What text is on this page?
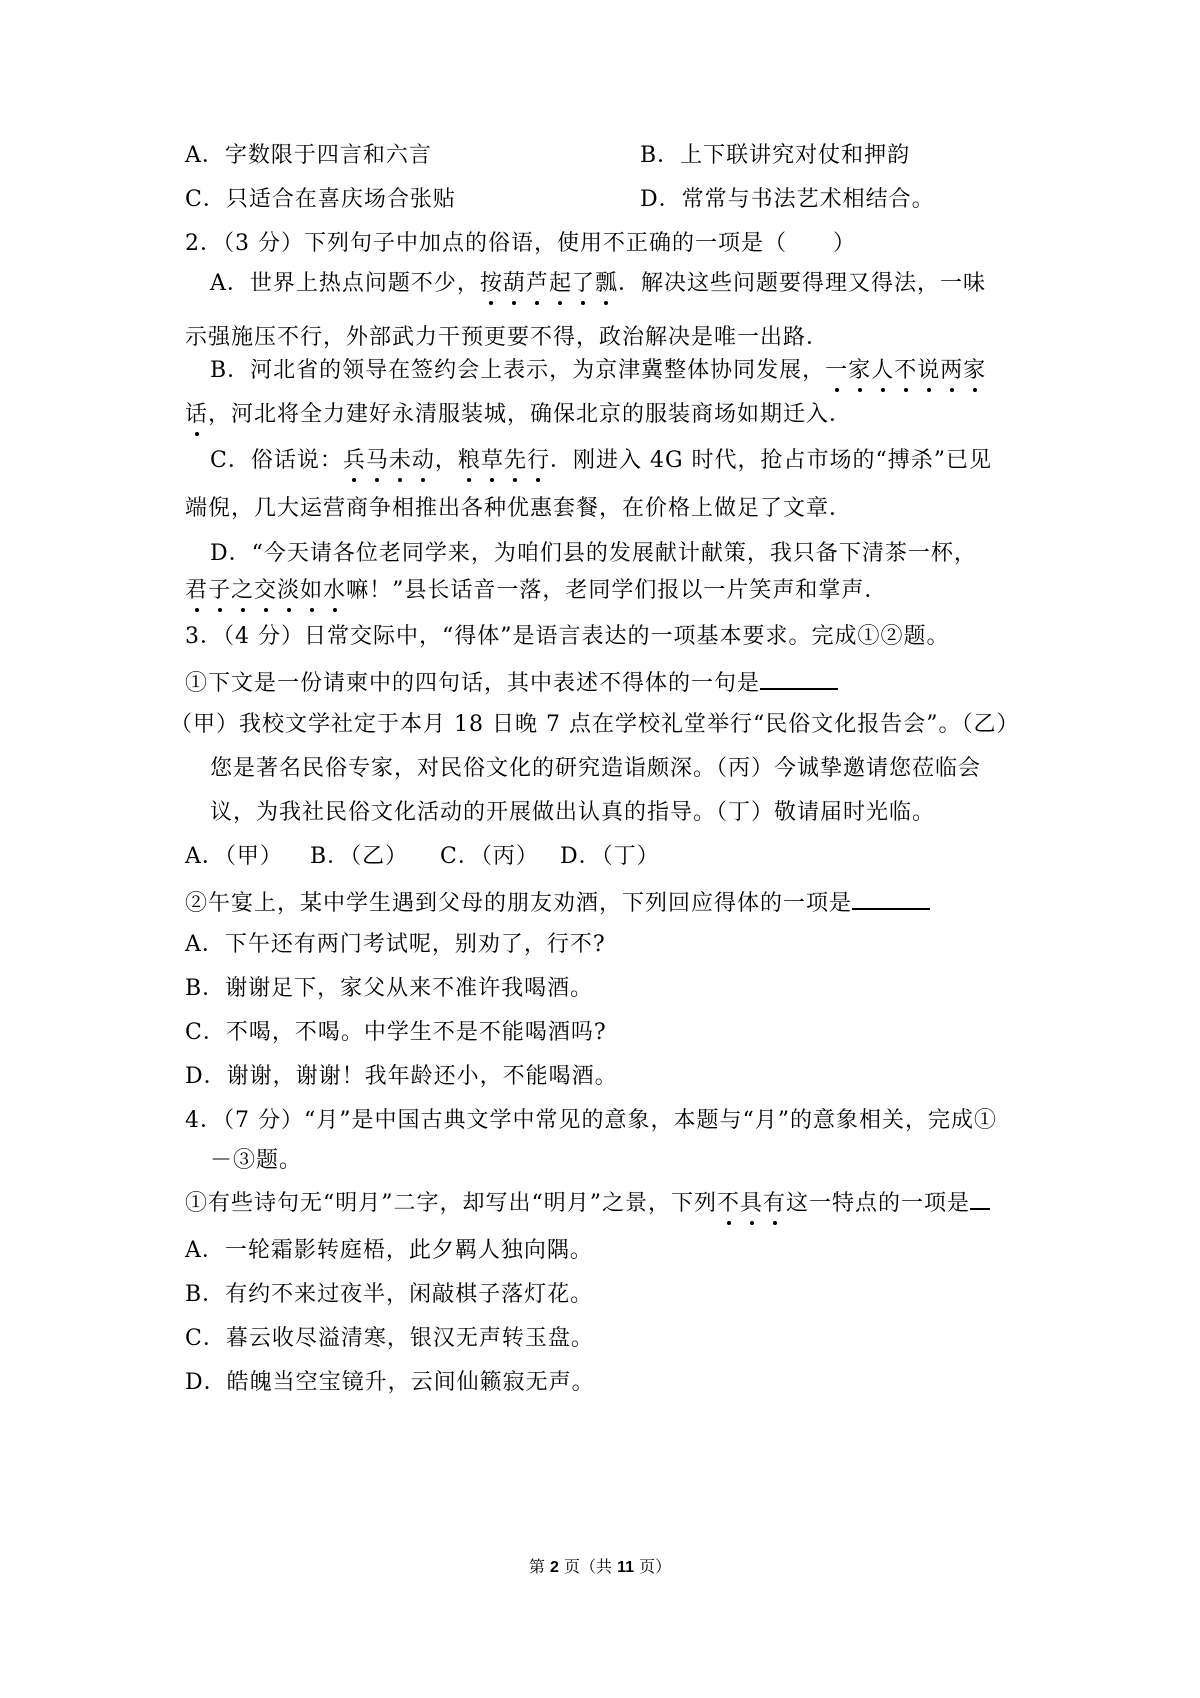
A．字数限于四言和六言	B．上下联讲究对仗和押韵
C．只适合在喜庆场合张贴	D．常常与书法艺术相结合。
2．（3 分）下列句子中加点的俗语，使用不正确的一项是（　　）
A．世界上热点问题不少，按葫芦起了瓢．解决这些问题要得理又得法，一味
示强施压不行，外部武力干预更要不得，政治解决是唯一出路．
B．河北省的领导在签约会上表示，为京津冀整体协同发展，一家人不说两家
话，河北将全力建好永清服装城，确保北京的服装商场如期迁入．
C．俗话说：兵马未动，粮草先行．刚进入 4G 时代，抢占市场的“搏杀”已见
端倪，几大运营商争相推出各种优惠套餐，在价格上做足了文章．
D．“今天请各位老同学来，为咱们县的发展献计献策，我只备下清茶一杯，
君子之交淡如水嘛！”县长话音一落，老同学们报以一片笑声和掌声．
3．（4 分）日常交际中，“得体”是语言表达的一项基本要求。完成①②题。
①下文是一份请柬中的四句话，其中表述不得体的一句是
（甲）我校文学社定于本月 18 日晚 7 点在学校礼堂举行“民俗文化报告会”。（乙）
您是著名民俗专家，对民俗文化的研究造诣颇深。（丙）今诚挚邀请您莅临会
议，为我社民俗文化活动的开展做出认真的指导。（丁）敬请届时光临。
A．（甲） B．（乙） C．（丙） D．（丁）
②午宴上，某中学生遇到父母的朋友劝酒，下列回应得体的一项是
A．下午还有两门考试呢，别劝了，行不?
B．谢谢足下，家父从来不准许我喝酒。
C．不喝，不喝。中学生不是不能喝酒吗?
D．谢谢，谢谢！我年龄还小，不能喝酒。
4．（7 分）“月”是中国古典文学中常见的意象，本题与“月”的意象相关，完成①
－③题。
①有些诗句无“明月”二字，却写出“明月”之景，下列不具有这一特点的一项是
A．一轮霜影转庭梧，此夕羁人独向隅。
B．有约不来过夜半，闲敲棋子落灯花。
C．暮云收尽溢清寒，银汉无声转玉盘。
D．皓魄当空宝镜升，云间仙籁寂无声。
第 2 页（共 11 页）
